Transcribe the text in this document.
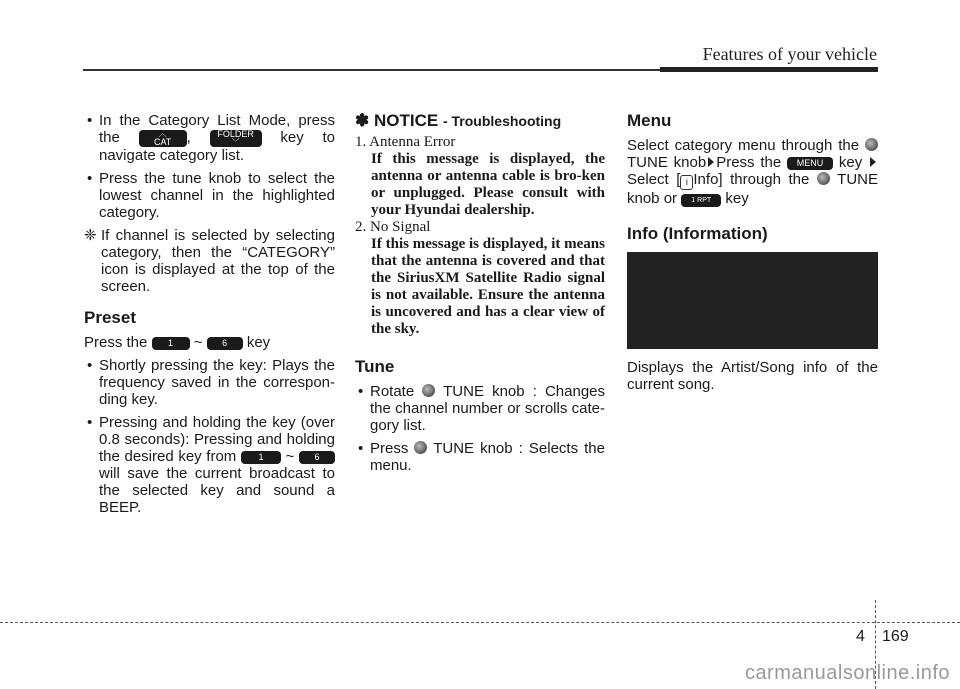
Features of your vehicle
• In the Category List Mode, press the	︿
CAT ,	FOLDER
﹀	key to navigate category list.
• Press the tune knob to select the lowest channel in the highlighted category.
❈ If channel is selected by selecting category, then the “CATEGORY” icon is displayed at the top of the screen.
Preset
Press the 1 ~ 6 key
• Shortly pressing the key: Plays the frequency saved in the correspon-ding key.
• Pressing and holding the key (over 0.8 seconds): Pressing and holding the desired key from 1 ~ 6 will save the current broadcast to the selected key and sound a BEEP.
✽ NOTICE - Troubleshooting
1. Antenna Error
If this message is displayed, the antenna or antenna cable is bro-ken or unplugged. Please consult with your Hyundai dealership.
2. No Signal
If this message is displayed, it means that the antenna is covered and that the SiriusXM Satellite Radio signal is not available. Ensure the antenna is uncovered and has a clear view of the sky.
Tune
• Rotate TUNE knob : Changes the channel number or scrolls cate-gory list.
• Press TUNE knob : Selects the menu.
Menu
Select category menu through the  TUNE knob Press the MENU key Select [ i Info] through the TUNE knob or 1 RPT key
Info (Information)
Displays the Artist/Song info of the current song.
4 169
carmanualsonline.info
